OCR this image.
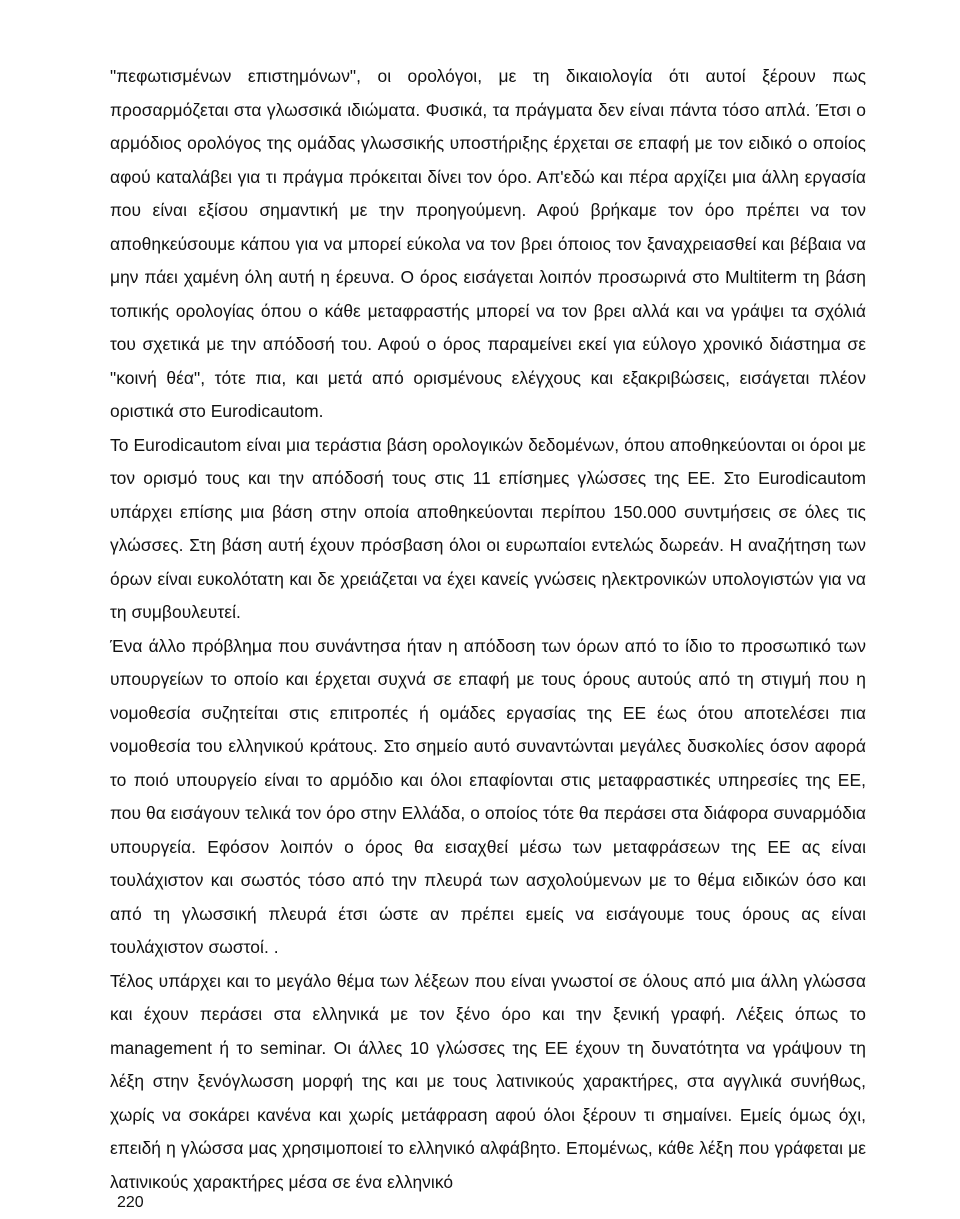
"πεφωτισμένων επιστημόνων", οι ορολόγοι, με τη δικαιολογία ότι αυτοί ξέρουν πως προσαρμόζεται στα γλωσσικά ιδιώματα. Φυσικά, τα πράγματα δεν είναι πάντα τόσο απλά. Έτσι ο αρμόδιος ορολόγος της ομάδας γλωσσικής υποστήριξης έρχεται σε επαφή με τον ειδικό ο οποίος αφού καταλάβει για τι πράγμα πρόκειται δίνει τον όρο. Απ'εδώ και πέρα αρχίζει μια άλλη εργασία που είναι εξίσου σημαντική με την προηγούμενη. Αφού βρήκαμε τον όρο πρέπει να τον αποθηκεύσουμε κάπου για να μπορεί εύκολα να τον βρει όποιος τον ξαναχρειασθεί και βέβαια να μην πάει χαμένη όλη αυτή η έρευνα. Ο όρος εισάγεται λοιπόν προσωρινά στο Multiterm τη βάση τοπικής ορολογίας όπου ο κάθε μεταφραστής μπορεί να τον βρει αλλά και να γράψει τα σχόλιά του σχετικά με την απόδοσή του. Αφού ο όρος παραμείνει εκεί για εύλογο χρονικό διάστημα σε "κοινή θέα", τότε πια, και μετά από ορισμένους ελέγχους και εξακριβώσεις, εισάγεται πλέον οριστικά στο Eurodicautom.

Το Eurodicautom είναι μια τεράστια βάση ορολογικών δεδομένων, όπου αποθηκεύονται οι όροι με τον ορισμό τους και την απόδοσή τους στις 11 επίσημες γλώσσες της ΕΕ. Στο Eurodicautom υπάρχει επίσης μια βάση στην οποία αποθηκεύονται περίπου 150.000 συντμήσεις σε όλες τις γλώσσες. Στη βάση αυτή έχουν πρόσβαση όλοι οι ευρωπαίοι εντελώς δωρεάν. Η αναζήτηση των όρων είναι ευκολότατη και δε χρειάζεται να έχει κανείς γνώσεις ηλεκτρονικών υπολογιστών για να τη συμβουλευτεί.

Ένα άλλο πρόβλημα που συνάντησα ήταν η απόδοση των όρων από το ίδιο το προσωπικό των υπουργείων το οποίο και έρχεται συχνά σε επαφή με τους όρους αυτούς από τη στιγμή που η νομοθεσία συζητείται στις επιτροπές ή ομάδες εργασίας της ΕΕ έως ότου αποτελέσει πια νομοθεσία του ελληνικού κράτους. Στο σημείο αυτό συναντώνται μεγάλες δυσκολίες όσον αφορά το ποιό υπουργείο είναι το αρμόδιο και όλοι επαφίονται στις μεταφραστικές υπηρεσίες της ΕΕ, που θα εισάγουν τελικά τον όρο στην Ελλάδα, ο οποίος τότε θα περάσει στα διάφορα συναρμόδια υπουργεία. Εφόσον λοιπόν ο όρος θα εισαχθεί μέσω των μεταφράσεων της ΕΕ ας είναι τουλάχιστον και σωστός τόσο από την πλευρά των ασχολούμενων με το θέμα ειδικών όσο και από τη γλωσσική πλευρά έτσι ώστε αν πρέπει εμείς να εισάγουμε τους όρους ας είναι τουλάχιστον σωστοί. .

Τέλος υπάρχει και το μεγάλο θέμα των λέξεων που είναι γνωστοί σε όλους από μια άλλη γλώσσα και έχουν περάσει στα ελληνικά με τον ξένο όρο και την ξενική γραφή. Λέξεις όπως το management ή το seminar. Οι άλλες 10 γλώσσες της ΕΕ έχουν τη δυνατότητα να γράψουν τη λέξη στην ξενόγλωσση μορφή της και με τους λατινικούς χαρακτήρες, στα αγγλικά συνήθως, χωρίς να σοκάρει κανένα και χωρίς μετάφραση αφού όλοι ξέρουν τι σημαίνει. Εμείς όμως όχι, επειδή η γλώσσα μας χρησιμοποιεί το ελληνικό αλφάβητο. Επομένως, κάθε λέξη που γράφεται με λατινικούς χαρακτήρες μέσα σε ένα ελληνικό

220
